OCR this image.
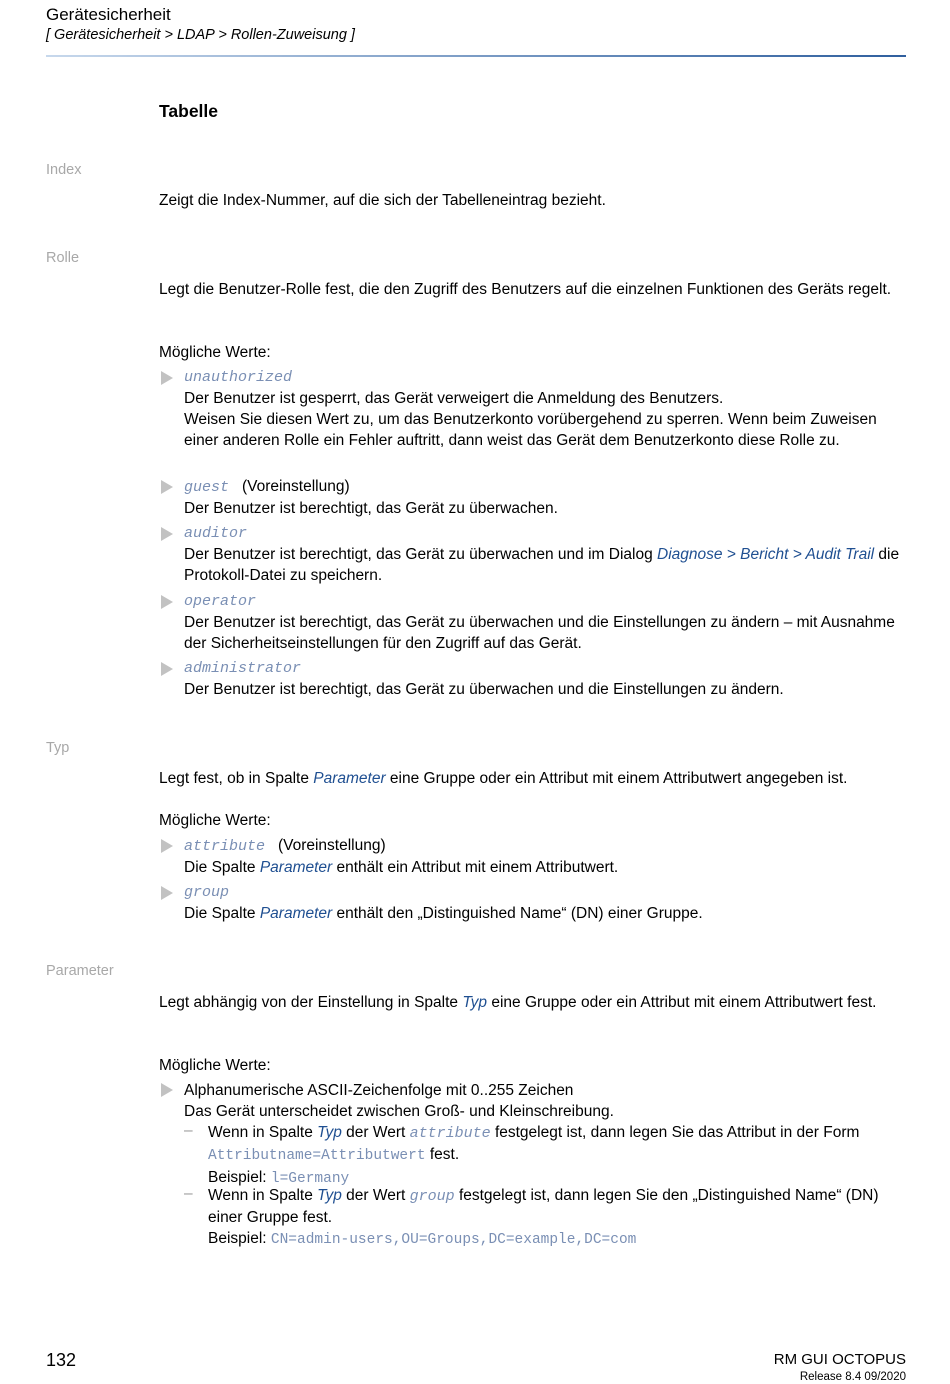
Gerätesicherheit
[ Gerätesicherheit > LDAP > Rollen-Zuweisung ]
Tabelle
Index
Zeigt die Index-Nummer, auf die sich der Tabelleneintrag bezieht.
Rolle
Legt die Benutzer-Rolle fest, die den Zugriff des Benutzers auf die einzelnen Funktionen des Geräts regelt.
Mögliche Werte:
unauthorized
Der Benutzer ist gesperrt, das Gerät verweigert die Anmeldung des Benutzers.
Weisen Sie diesen Wert zu, um das Benutzerkonto vorübergehend zu sperren. Wenn beim Zuweisen einer anderen Rolle ein Fehler auftritt, dann weist das Gerät dem Benutzerkonto diese Rolle zu.
guest (Voreinstellung)
Der Benutzer ist berechtigt, das Gerät zu überwachen.
auditor
Der Benutzer ist berechtigt, das Gerät zu überwachen und im Dialog Diagnose > Bericht > Audit Trail die Protokoll-Datei zu speichern.
operator
Der Benutzer ist berechtigt, das Gerät zu überwachen und die Einstellungen zu ändern – mit Ausnahme der Sicherheitseinstellungen für den Zugriff auf das Gerät.
administrator
Der Benutzer ist berechtigt, das Gerät zu überwachen und die Einstellungen zu ändern.
Typ
Legt fest, ob in Spalte Parameter eine Gruppe oder ein Attribut mit einem Attributwert angegeben ist.
Mögliche Werte:
attribute (Voreinstellung)
Die Spalte Parameter enthält ein Attribut mit einem Attributwert.
group
Die Spalte Parameter enthält den „Distinguished Name“ (DN) einer Gruppe.
Parameter
Legt abhängig von der Einstellung in Spalte Typ eine Gruppe oder ein Attribut mit einem Attributwert fest.
Mögliche Werte:
Alphanumerische ASCII-Zeichenfolge mit 0..255 Zeichen
Das Gerät unterscheidet zwischen Groß- und Kleinschreibung.
– Wenn in Spalte Typ der Wert attribute festgelegt ist, dann legen Sie das Attribut in der Form Attributname=Attributwert fest.
Beispiel: l=Germany
– Wenn in Spalte Typ der Wert group festgelegt ist, dann legen Sie den „Distinguished Name“ (DN) einer Gruppe fest.
Beispiel: CN=admin-users,OU=Groups,DC=example,DC=com
132	RM GUI OCTOPUS
Release 8.4 09/2020
